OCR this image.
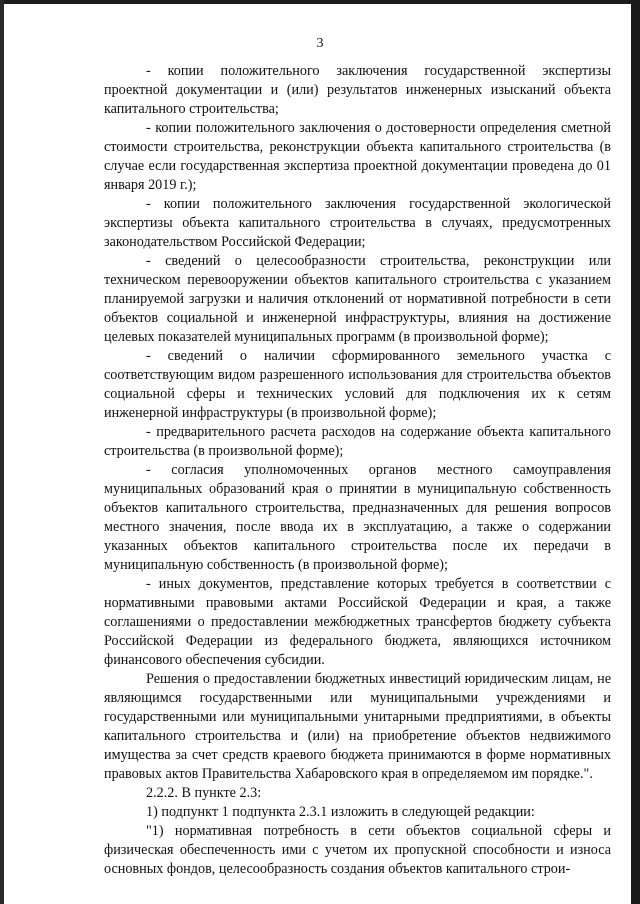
3

- копии положительного заключения государственной экспертизы проектной документации и (или) результатов инженерных изысканий объекта капитального строительства;

- копии положительного заключения о достоверности определения сметной стоимости строительства, реконструкции объекта капитального строительства (в случае если государственная экспертиза проектной документации проведена до 01 января 2019 г.);

- копии положительного заключения государственной экологической экспертизы объекта капитального строительства в случаях, предусмотренных законодательством Российской Федерации;

- сведений о целесообразности строительства, реконструкции или техническом перевооружении объектов капитального строительства с указанием планируемой загрузки и наличия отклонений от нормативной потребности в сети объектов социальной и инженерной инфраструктуры, влияния на достижение целевых показателей муниципальных программ (в произвольной форме);

- сведений о наличии сформированного земельного участка с соответствующим видом разрешенного использования для строительства объектов социальной сферы и технических условий для подключения их к сетям инженерной инфраструктуры (в произвольной форме);

- предварительного расчета расходов на содержание объекта капитального строительства (в произвольной форме);

- согласия уполномоченных органов местного самоуправления муниципальных образований края о принятии в муниципальную собственность объектов капитального строительства, предназначенных для решения вопросов местного значения, после ввода их в эксплуатацию, а также о содержании указанных объектов капитального строительства после их передачи в муниципальную собственность (в произвольной форме);

- иных документов, представление которых требуется в соответствии с нормативными правовыми актами Российской Федерации и края, а также соглашениями о предоставлении межбюджетных трансфертов бюджету субъекта Российской Федерации из федерального бюджета, являющихся источником финансового обеспечения субсидии.

Решения о предоставлении бюджетных инвестиций юридическим лицам, не являющимся государственными или муниципальными учреждениями и государственными или муниципальными унитарными предприятиями, в объекты капитального строительства и (или) на приобретение объектов недвижимого имущества за счет средств краевого бюджета принимаются в форме нормативных правовых актов Правительства Хабаровского края в определяемом им порядке.".

2.2.2. В пункте 2.3:

1) подпункт 1 подпункта 2.3.1 изложить в следующей редакции:

"1) нормативная потребность в сети объектов социальной сферы и физическая обеспеченность ими с учетом их пропускной способности и износа основных фондов, целесообразность создания объектов капитального строи-
